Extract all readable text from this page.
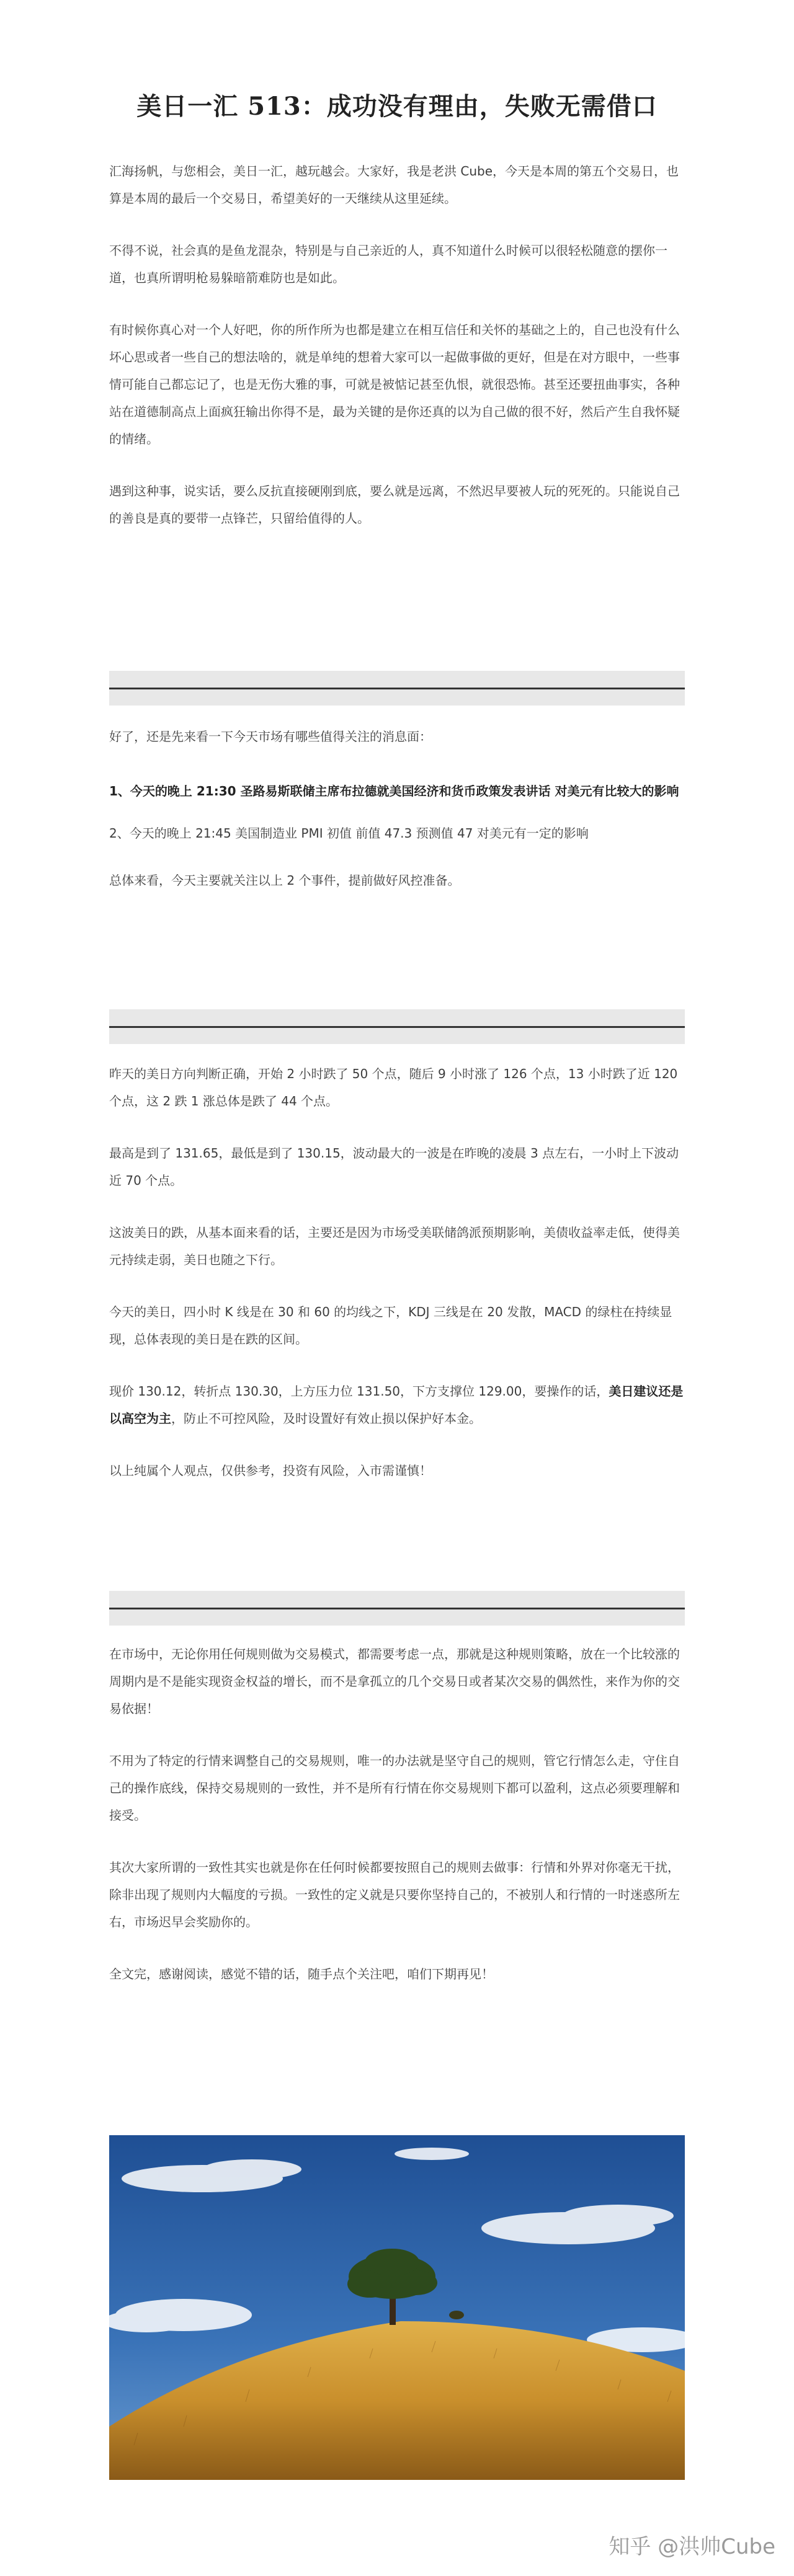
美日一汇 513：成功没有理由，失败无需借口

汇海扬帆，与您相会，美日一汇，越玩越会。大家好，我是老洪 Cube，今天是本周的第五个交易日，也算是本周的最后一个交易日，希望美好的一天继续从这里延续。

不得不说，社会真的是鱼龙混杂，特别是与自己亲近的人，真不知道什么时候可以很轻松随意的摆你一道，也真所谓明枪易躲暗箭难防也是如此。

有时候你真心对一个人好吧，你的所作所为也都是建立在相互信任和关怀的基础之上的，自己也没有什么坏心思或者一些自己的想法啥的，就是单纯的想着大家可以一起做事做的更好，但是在对方眼中，一些事情可能自己都忘记了，也是无伤大雅的事，可就是被惦记甚至仇恨，就很恐怖。甚至还要扭曲事实，各种站在道德制高点上面疯狂输出你得不是，最为关键的是你还真的以为自己做的很不好，然后产生自我怀疑的情绪。

遇到这种事，说实话，要么反抗直接硬刚到底，要么就是远离，不然迟早要被人玩的死死的。只能说自己的善良是真的要带一点锋芒，只留给值得的人。

好了，还是先来看一下今天市场有哪些值得关注的消息面：

1、今天的晚上 21:30 圣路易斯联储主席布拉德就美国经济和货币政策发表讲话 对美元有比较大的影响

2、今天的晚上 21:45 美国制造业 PMI 初值 前值 47.3 预测值 47 对美元有一定的影响

总体来看，今天主要就关注以上 2 个事件，提前做好风控准备。

昨天的美日方向判断正确，开始 2 小时跌了 50 个点，随后 9 小时涨了 126 个点，13 小时跌了近 120 个点，这 2 跌 1 涨总体是跌了 44 个点。

最高是到了 131.65，最低是到了 130.15，波动最大的一波是在昨晚的凌晨 3 点左右，一小时上下波动近 70 个点。

这波美日的跌，从基本面来看的话，主要还是因为市场受美联储鸽派预期影响，美债收益率走低，使得美元持续走弱，美日也随之下行。

今天的美日，四小时 K 线是在 30 和 60 的均线之下，KDJ 三线是在 20 发散，MACD 的绿柱在持续显现，总体表现的美日是在跌的区间。

现价 130.12，转折点 130.30，上方压力位 131.50，下方支撑位 129.00，要操作的话，美日建议还是以高空为主，防止不可控风险，及时设置好有效止损以保护好本金。

以上纯属个人观点，仅供参考，投资有风险，入市需谨慎！

在市场中，无论你用任何规则做为交易模式，都需要考虑一点，那就是这种规则策略，放在一个比较涨的周期内是不是能实现资金权益的增长，而不是拿孤立的几个交易日或者某次交易的偶然性，来作为你的交易依据！

不用为了特定的行情来调整自己的交易规则，唯一的办法就是坚守自己的规则，管它行情怎么走，守住自己的操作底线，保持交易规则的一致性，并不是所有行情在你交易规则下都可以盈利，这点必须要理解和接受。

其次大家所谓的一致性其实也就是你在任何时候都要按照自己的规则去做事：行情和外界对你毫无干扰，除非出现了规则内大幅度的亏损。一致性的定义就是只要你坚持自己的，不被别人和行情的一时迷惑所左右，市场迟早会奖励你的。

全文完，感谢阅读，感觉不错的话，随手点个关注吧，咱们下期再见！

知乎 @洪帅Cube
